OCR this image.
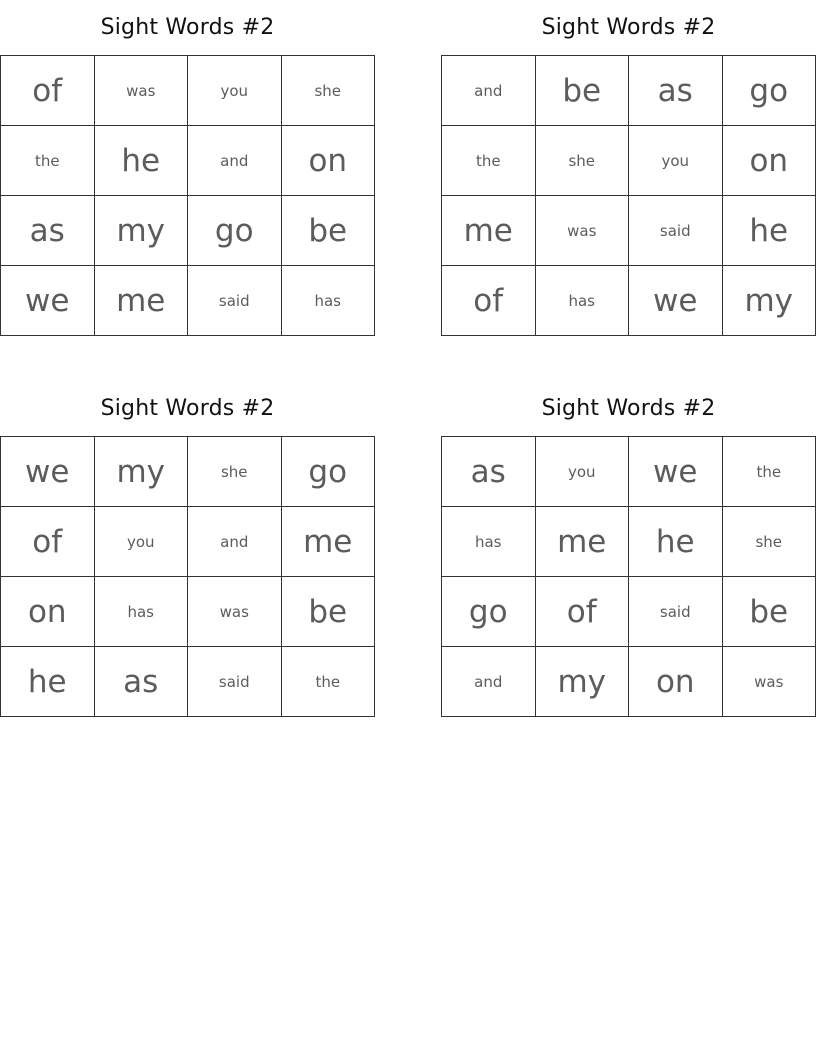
Sight Words #2
of	was	you	she
the	he	and	on
as	my	go	be
we	me	said	has
Sight Words #2
and	be	as	go
the	she	you	on
me	was	said	he
of	has	we	my
Sight Words #2
we	my	she	go
of	you	and	me
on	has	was	be
he	as	said	the
Sight Words #2
as	you	we	the
has	me	he	she
go	of	said	be
and	my	on	was
